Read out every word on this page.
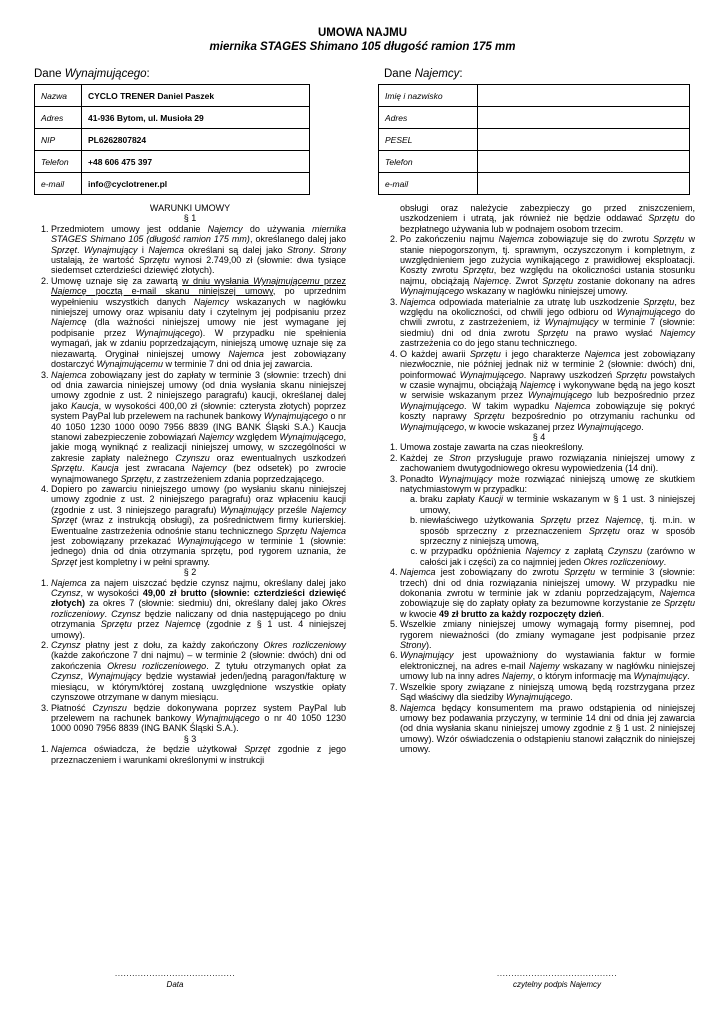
UMOWA NAJMU
miernika STAGES Shimano 105 długość ramion 175 mm
Dane Wynajmującego:	Dane Najemcy:
Nazwa	CYCLO TRENER Daniel Paszek
Adres	41-936 Bytom, ul. Musioła 29
NIP	PL6262807824
Telefon	+48 606 475 397
e-mail	info@cyclotrener.pl
Imię i nazwisko	
Adres	
PESEL	
Telefon	
e-mail	

WARUNKI UMOWY

§ 1

1. Przedmiotem umowy jest oddanie Najemcy do używania miernika STAGES Shimano 105 (długość ramion 175 mm), określanego dalej jako Sprzęt. Wynajmujący i Najemca określani są dalej jako Strony. Strony ustalają, że wartość Sprzętu wynosi 2.749,00 zł (słownie: dwa tysiące siedemset czterdzieści dziewięć złotych).
2. Umowę uznaje się za zawartą w dniu wysłania Wynajmującemu przez Najemcę pocztą e-mail skanu niniejszej umowy, po uprzednim wypełnieniu wszystkich danych Najemcy wskazanych w nagłówku niniejszej umowy oraz wpisaniu daty i czytelnym jej podpisaniu przez Najemcę (dla ważności niniejszej umowy nie jest wymagane jej podpisanie przez Wynajmującego). W przypadku nie spełnienia wymagań, jak w zdaniu poprzedzającym, niniejszą umowę uznaje się za niezawartą. Oryginał niniejszej umowy Najemca jest zobowiązany dostarczyć Wynajmującemu w terminie 7 dni od dnia jej zawarcia.
3. Najemca zobowiązany jest do zapłaty w terminie 3 (słownie: trzech) dni od dnia zawarcia niniejszej umowy (od dnia wysłania skanu niniejszej umowy zgodnie z ust. 2 niniejszego paragrafu) kaucji, określanej dalej jako Kaucja, w wysokości 400,00 zł (słownie: czterysta złotych) poprzez system PayPal lub przelewem na rachunek bankowy Wynajmującego o nr 40 1050 1230 1000 0090 7956 8839 (ING BANK Śląski S.A.) Kaucja stanowi zabezpieczenie zobowiązań Najemcy względem Wynajmującego, jakie mogą wyniknąć z realizacji niniejszej umowy, w szczególności w zakresie zapłaty należnego Czynszu oraz ewentualnych uszkodzeń Sprzętu. Kaucja jest zwracana Najemcy (bez odsetek) po zwrocie wynajmowanego Sprzętu, z zastrzeżeniem zdania poprzedzającego.
4. Dopiero po zawarciu niniejszego umowy (po wysłaniu skanu niniejszej umowy zgodnie z ust. 2 niniejszego paragrafu) oraz wpłaceniu kaucji (zgodnie z ust. 3 niniejszego paragrafu) Wynajmujący prześle Najemcy Sprzęt (wraz z instrukcją obsługi), za pośrednictwem firmy kurierskiej. Ewentualne zastrzeżenia odnośnie stanu technicznego Sprzętu Najemca jest zobowiązany przekazać Wynajmującego w terminie 1 (słownie: jednego) dnia od dnia otrzymania sprzętu, pod rygorem uznania, że Sprzęt jest kompletny i w pełni sprawny.

§ 2

1. Najemca za najem uiszczać będzie czynsz najmu, określany dalej jako Czynsz, w wysokości 49,00 zł brutto (słownie: czterdzieści dziewięć złotych) za okres 7 (słownie: siedmiu) dni, określany dalej jako Okres rozliczeniowy. Czynsz będzie naliczany od dnia następującego po dniu otrzymania Sprzętu przez Najemcę (zgodnie z § 1 ust. 4 niniejszej umowy).
2. Czynsz płatny jest z dołu, za każdy zakończony Okres rozliczeniowy (każde zakończone 7 dni najmu) – w terminie 2 (słownie: dwóch) dni od zakończenia Okresu rozliczeniowego. Z tytułu otrzymanych opłat za Czynsz, Wynajmujący będzie wystawiał jeden/jedną paragon/fakturę w miesiącu, w którym/której zostaną uwzględnione wszystkie opłaty czynszowe otrzymane w danym miesiącu.
3. Płatność Czynszu będzie dokonywana poprzez system PayPal lub przelewem na rachunek bankowy Wynajmującego o nr 40 1050 1230 1000 0090 7956 8839 (ING BANK Śląski S.A.).

§ 3

1. Najemca oświadcza, że będzie użytkował Sprzęt zgodnie z jego przeznaczeniem i warunkami określonymi w instrukcji

obsługi oraz należycie zabezpieczy go przed zniszczeniem, uszkodzeniem i utratą, jak również nie będzie oddawać Sprzętu do bezpłatnego używania lub w podnajem osobom trzecim.

2. Po zakończeniu najmu Najemca zobowiązuje się do zwrotu Sprzętu w stanie niepogorszonym, tj. sprawnym, oczyszczonym i kompletnym, z uwzględnieniem jego zużycia wynikającego z prawidłowej eksploatacji. Koszty zwrotu Sprzętu, bez względu na okoliczności ustania stosunku najmu, obciążają Najemcę. Zwrot Sprzętu zostanie dokonany na adres Wynajmującego wskazany w nagłówku niniejszej umowy.
3. Najemca odpowiada materialnie za utratę lub uszkodzenie Sprzętu, bez względu na okoliczności, od chwili jego odbioru od Wynajmującego do chwili zwrotu, z zastrzeżeniem, iż Wynajmujący w terminie 7 (słownie: siedmiu) dni od dnia zwrotu Sprzętu na prawo wysłać Najemcy zastrzeżenia co do jego stanu technicznego.
4. O każdej awarii Sprzętu i jego charakterze Najemca jest zobowiązany niezwłocznie, nie później jednak niż w terminie 2 (słownie: dwóch) dni, poinformować Wynajmującego. Naprawy uszkodzeń Sprzętu powstałych w czasie wynajmu, obciążają Najemcę i wykonywane będą na jego koszt w serwisie wskazanym przez Wynajmującego lub bezpośrednio przez Wynajmującego. W takim wypadku Najemca zobowiązuje się pokryć koszty naprawy Sprzętu bezpośrednio po otrzymaniu rachunku od Wynajmującego, w kwocie wskazanej przez Wynajmującego.

§ 4

1. Umowa zostaje zawarta na czas nieokreślony.
2. Każdej ze Stron przysługuje prawo rozwiązania niniejszej umowy z zachowaniem dwutygodniowego okresu wypowiedzenia (14 dni).
3. Ponadto Wynajmujący może rozwiązać niniejszą umowę ze skutkiem natychmiastowym w przypadku:
a. braku zapłaty Kaucji w terminie wskazanym w § 1 ust. 3 niniejszej umowy,
b. niewłaściwego użytkowania Sprzętu przez Najemcę, tj. m.in. w sposób sprzeczny z przeznaczeniem Sprzętu oraz w sposób sprzeczny z niniejszą umową,
c. w przypadku opóźnienia Najemcy z zapłatą Czynszu (zarówno w całości jak i części) za co najmniej jeden Okres rozliczeniowy.
4. Najemca jest zobowiązany do zwrotu Sprzętu w terminie 3 (słownie: trzech) dni od dnia rozwiązania niniejszej umowy. W przypadku nie dokonania zwrotu w terminie jak w zdaniu poprzedzającym, Najemca zobowiązuje się do zapłaty opłaty za bezumowne korzystanie ze Sprzętu w kwocie 49 zł brutto za każdy rozpoczęty dzień.
5. Wszelkie zmiany niniejszej umowy wymagają formy pisemnej, pod rygorem nieważności (do zmiany wymagane jest podpisanie przez Strony).
6. Wynajmujący jest upoważniony do wystawiania faktur w formie elektronicznej, na adres e-mail Najemy wskazany w nagłówku niniejszej umowy lub na inny adres Najemy, o którym informację ma Wynajmujący.
7. Wszelkie spory związane z niniejszą umową będą rozstrzygana przez Sąd właściwy dla siedziby Wynajmującego.
8. Najemca będący konsumentem ma prawo odstąpienia od niniejszej umowy bez podawania przyczyny, w terminie 14 dni od dnia jej zawarcia (od dnia wysłania skanu niniejszej umowy zgodnie z § 1 ust. 2 niniejszej umowy). Wzór oświadczenia o odstąpieniu stanowi załącznik do niniejszej umowy.
..........................................
Data
..........................................
czytelny podpis Najemcy
